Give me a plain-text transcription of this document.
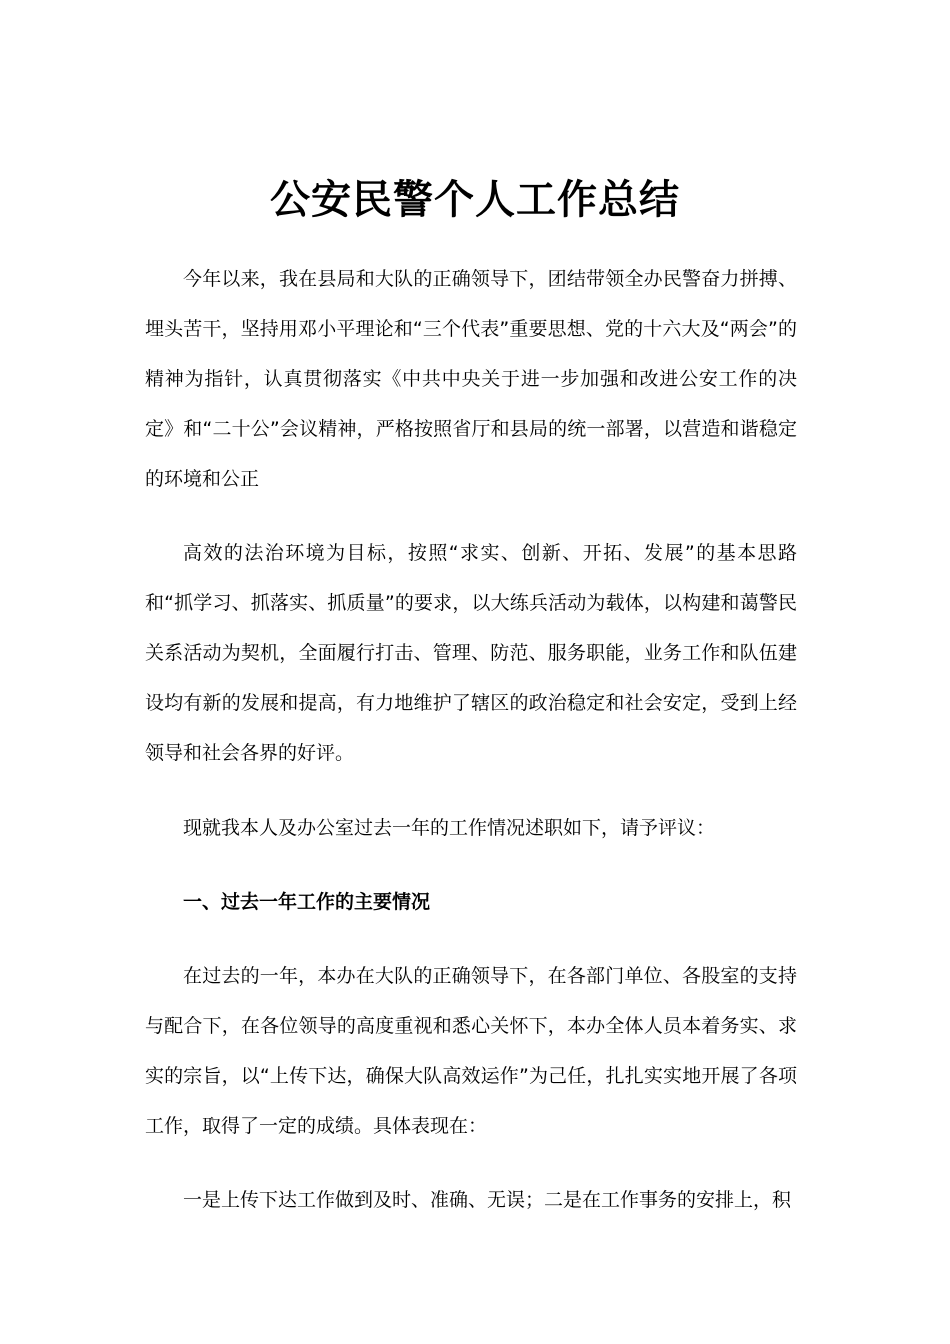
公安民警个人工作总结

今年以来，我在县局和大队的正确领导下，团结带领全办民警奋力拼搏、埋头苦干，坚持用邓小平理论和“三个代表”重要思想、党的十六大及“两会”的精神为指针，认真贯彻落实《中共中央关于进一步加强和改进公安工作的决定》和“二十公”会议精神，严格按照省厅和县局的统一部署，以营造和谐稳定的环境和公正

高效的法治环境为目标，按照“求实、创新、开拓、发展”的基本思路和“抓学习、抓落实、抓质量”的要求，以大练兵活动为载体，以构建和蔼警民关系活动为契机，全面履行打击、管理、防范、服务职能，业务工作和队伍建设均有新的发展和提高，有力地维护了辖区的政治稳定和社会安定，受到上经领导和社会各界的好评。

现就我本人及办公室过去一年的工作情况述职如下，请予评议：

一、过去一年工作的主要情况

在过去的一年，本办在大队的正确领导下，在各部门单位、各股室的支持与配合下，在各位领导的高度重视和悉心关怀下，本办全体人员本着务实、求实的宗旨，以“上传下达，确保大队高效运作”为己任，扎扎实实地开展了各项工作，取得了一定的成绩。具体表现在：

一是上传下达工作做到及时、准确、无误；二是在工作事务的安排上，积
